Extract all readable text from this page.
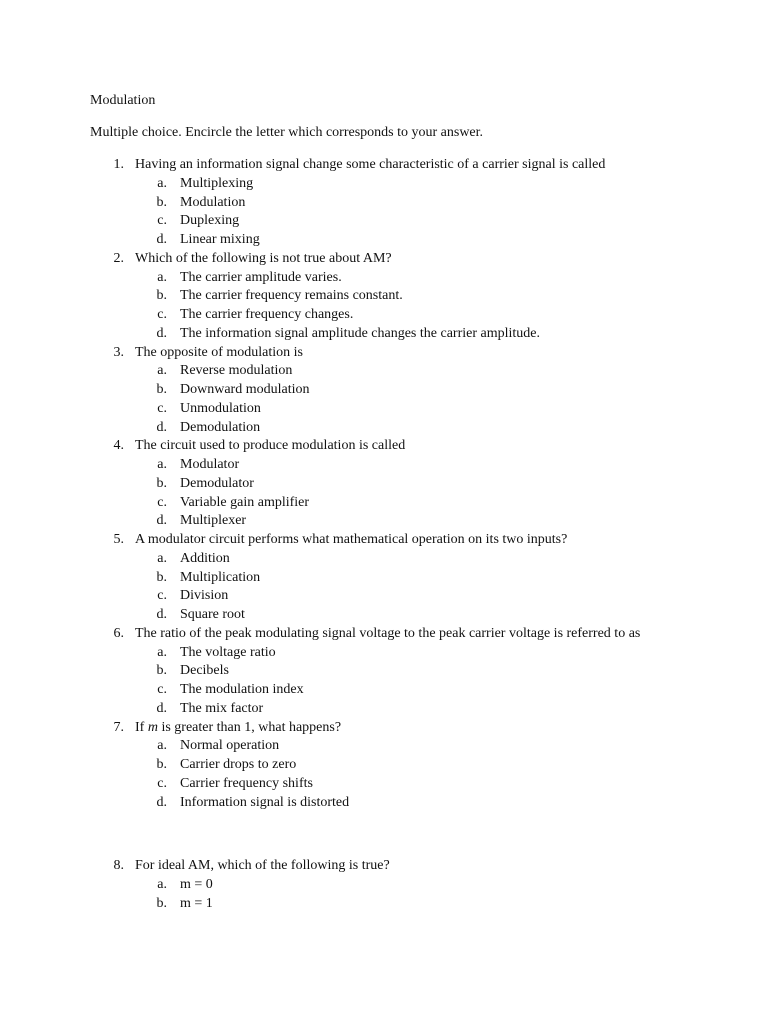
Modulation
Multiple choice. Encircle the letter which corresponds to your answer.
1. Having an information signal change some characteristic of a carrier signal is called
a. Multiplexing
b. Modulation
c. Duplexing
d. Linear mixing
2. Which of the following is not true about AM?
a. The carrier amplitude varies.
b. The carrier frequency remains constant.
c. The carrier frequency changes.
d. The information signal amplitude changes the carrier amplitude.
3. The opposite of modulation is
a. Reverse modulation
b. Downward modulation
c. Unmodulation
d. Demodulation
4. The circuit used to produce modulation is called
a. Modulator
b. Demodulator
c. Variable gain amplifier
d. Multiplexer
5. A modulator circuit performs what mathematical operation on its two inputs?
a. Addition
b. Multiplication
c. Division
d. Square root
6. The ratio of the peak modulating signal voltage to the peak carrier voltage is referred to as
a. The voltage ratio
b. Decibels
c. The modulation index
d. The mix factor
7. If m is greater than 1, what happens?
a. Normal operation
b. Carrier drops to zero
c. Carrier frequency shifts
d. Information signal is distorted
8. For ideal AM, which of the following is true?
a. m = 0
b. m = 1
